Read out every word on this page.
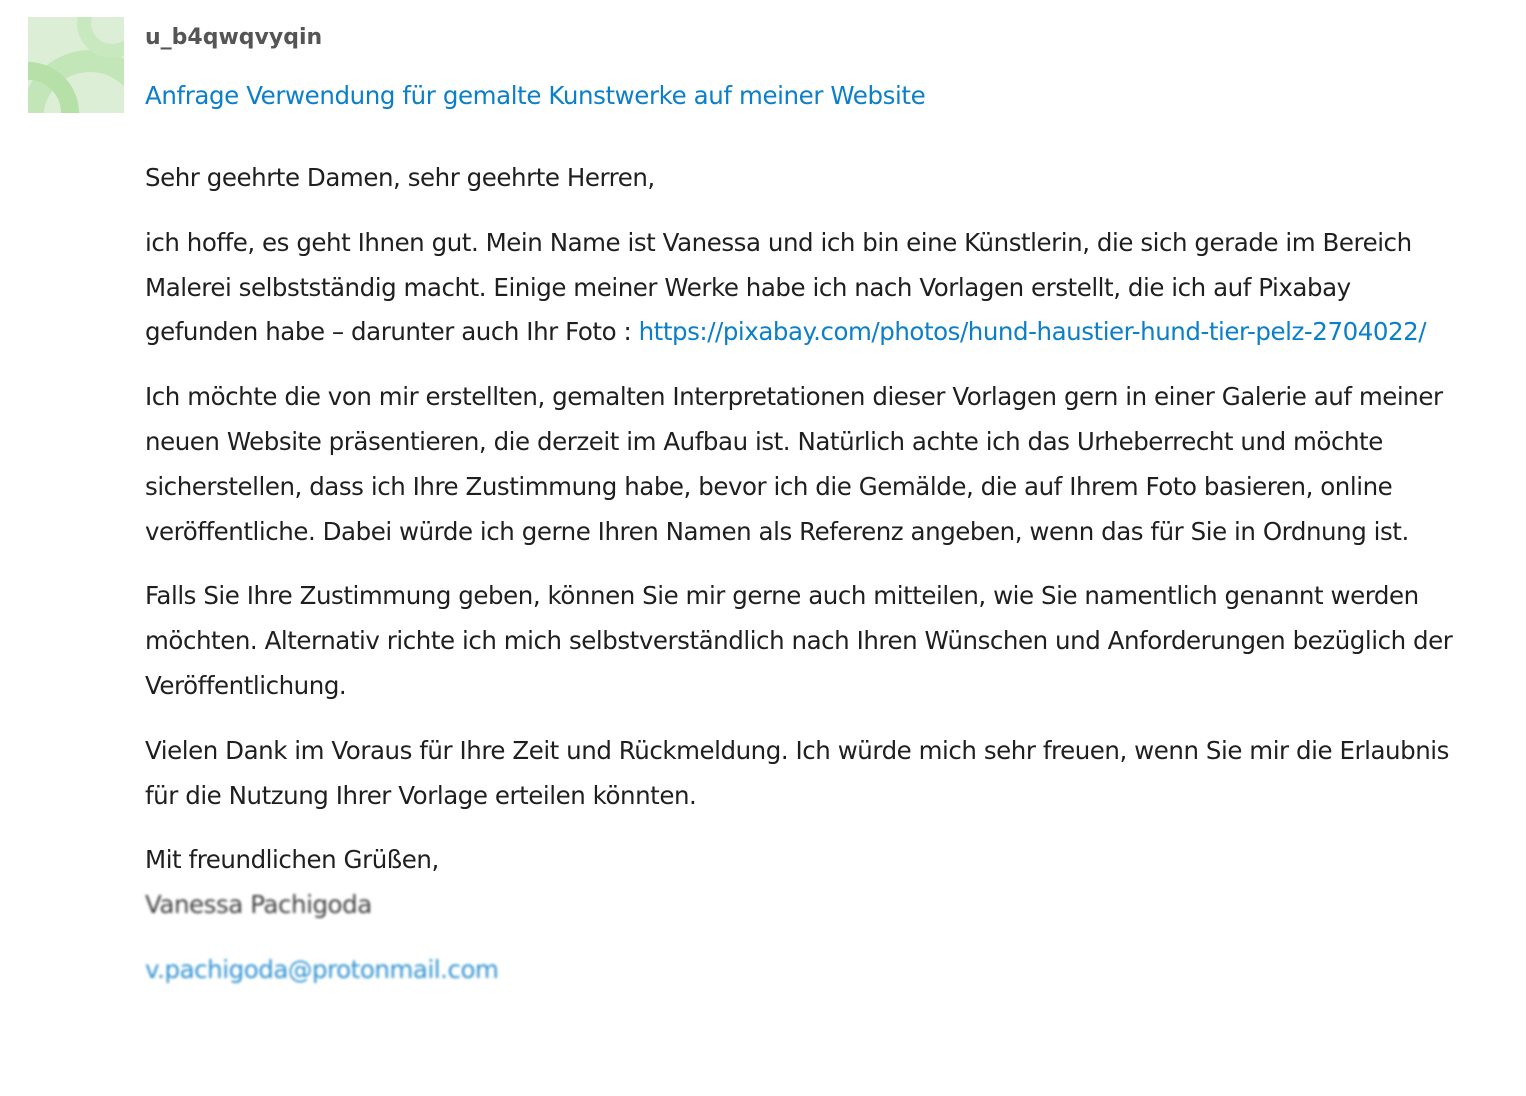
u_b4qwqvyqin
Anfrage Verwendung für gemalte Kunstwerke auf meiner Website

Sehr geehrte Damen, sehr geehrte Herren,

ich hoffe, es geht Ihnen gut. Mein Name ist Vanessa und ich bin eine Künstlerin, die sich gerade im Bereich Malerei selbstständig macht. Einige meiner Werke habe ich nach Vorlagen erstellt, die ich auf Pixabay gefunden habe – darunter auch Ihr Foto : https://pixabay.com/photos/hund-haustier-hund-tier-pelz-2704022/

Ich möchte die von mir erstellten, gemalten Interpretationen dieser Vorlagen gern in einer Galerie auf meiner neuen Website präsentieren, die derzeit im Aufbau ist. Natürlich achte ich das Urheberrecht und möchte sicherstellen, dass ich Ihre Zustimmung habe, bevor ich die Gemälde, die auf Ihrem Foto basieren, online veröffentliche. Dabei würde ich gerne Ihren Namen als Referenz angeben, wenn das für Sie in Ordnung ist.

Falls Sie Ihre Zustimmung geben, können Sie mir gerne auch mitteilen, wie Sie namentlich genannt werden möchten. Alternativ richte ich mich selbstverständlich nach Ihren Wünschen und Anforderungen bezüglich der Veröffentlichung.

Vielen Dank im Voraus für Ihre Zeit und Rückmeldung. Ich würde mich sehr freuen, wenn Sie mir die Erlaubnis für die Nutzung Ihrer Vorlage erteilen könnten.

Mit freundlichen Grüßen,
Vanessa Pachigoda

v.pachigoda@protonmail.com
